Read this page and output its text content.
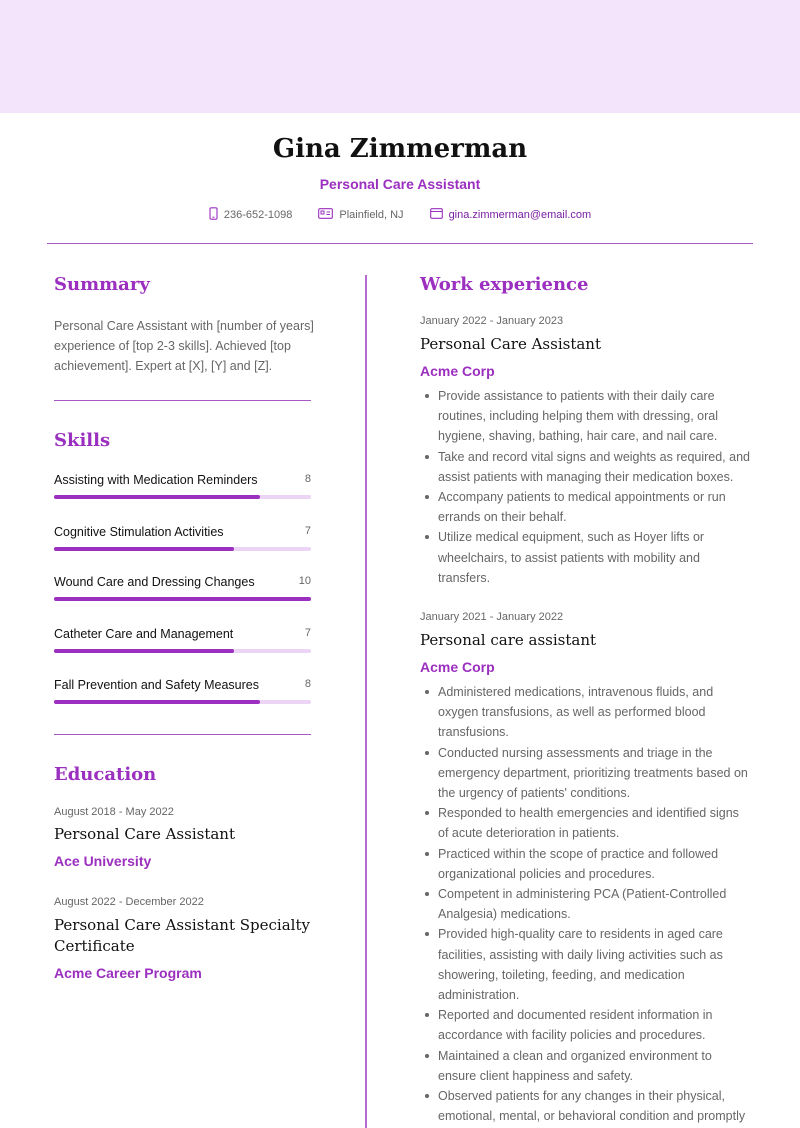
Gina Zimmerman
Personal Care Assistant
236-652-1098	Plainfield, NJ	gina.zimmerman@email.com
Summary

Personal Care Assistant with [number of years] experience of [top 2-3 skills]. Achieved [top achievement]. Expert at [X], [Y] and [Z].

Skills
Assisting with Medication Reminders	8
Cognitive Stimulation Activities	7
Wound Care and Dressing Changes	10
Catheter Care and Management	7
Fall Prevention and Safety Measures	8
Education
August 2018 - May 2022
Personal Care Assistant
Ace University
August 2022 - December 2022
Personal Care Assistant Specialty Certificate
Acme Career Program
Work experience
January 2022 - January 2023
Personal Care Assistant
Acme Corp
Provide assistance to patients with their daily care routines, including helping them with dressing, oral hygiene, shaving, bathing, hair care, and nail care.
Take and record vital signs and weights as required, and assist patients with managing their medication boxes.
Accompany patients to medical appointments or run errands on their behalf.
Utilize medical equipment, such as Hoyer lifts or wheelchairs, to assist patients with mobility and transfers.
January 2021 - January 2022
Personal care assistant
Acme Corp
Administered medications, intravenous fluids, and oxygen transfusions, as well as performed blood transfusions.
Conducted nursing assessments and triage in the emergency department, prioritizing treatments based on the urgency of patients' conditions.
Responded to health emergencies and identified signs of acute deterioration in patients.
Practiced within the scope of practice and followed organizational policies and procedures.
Competent in administering PCA (Patient-Controlled Analgesia) medications.
Provided high-quality care to residents in aged care facilities, assisting with daily living activities such as showering, toileting, feeding, and medication administration.
Reported and documented resident information in accordance with facility policies and procedures.
Maintained a clean and organized environment to ensure client happiness and safety.
Observed patients for any changes in their physical, emotional, mental, or behavioral condition and promptly
